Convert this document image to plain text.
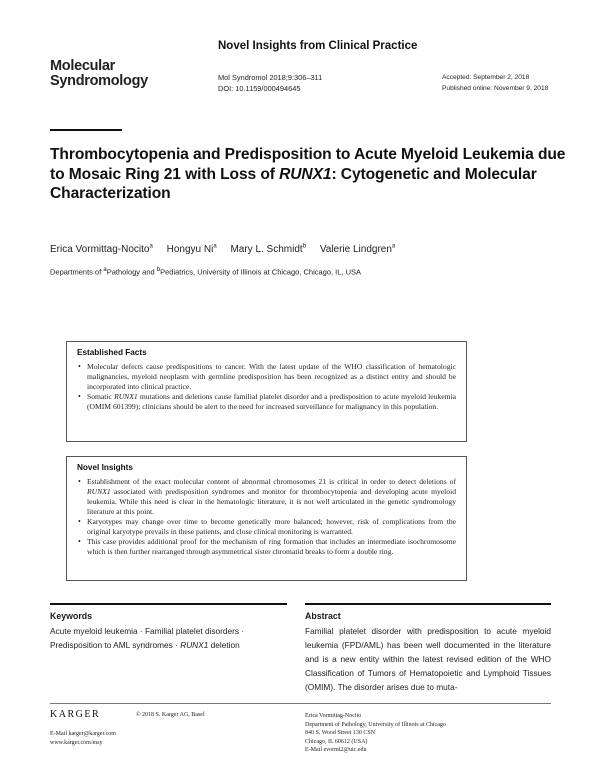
Molecular
Syndromology
Novel Insights from Clinical Practice
Mol Syndromol 2018;9:306–311
DOI: 10.1159/000494645
Accepted: September 2, 2018
Published online: November 9, 2018
Thrombocytopenia and Predisposition to Acute Myeloid Leukemia due to Mosaic Ring 21 with Loss of RUNX1: Cytogenetic and Molecular Characterization
Erica Vormittag-Nocito$^a$ Hongyu Ni$^a$ Mary L. Schmidt$^b$ Valerie Lindgren$^a$
Departments of $^a$Pathology and $^b$Pediatrics, University of Illinois at Chicago, Chicago, IL, USA
Established Facts
• Molecular defects cause predispositions to cancer. With the latest update of the WHO classification of hematologic malignancies, myeloid neoplasm with germline predisposition has been recognized as a distinct entity and should be incorporated into clinical practice.
• Somatic RUNX1 mutations and deletions cause familial platelet disorder and a predisposition to acute myeloid leukemia (OMIM 601399); clinicians should be alert to the need for increased surveillance for malignancy in this population.
Novel Insights
• Establishment of the exact molecular content of abnormal chromosomes 21 is critical in order to detect deletions of RUNX1 associated with predisposition syndromes and monitor for thrombocytopenia and developing acute myeloid leukemia. While this need is clear in the hematologic literature, it is not well articulated in the genetic syndromology literature at this point.
• Karyotypes may change over time to become genetically more balanced; however, risk of complications from the original karyotype prevails in these patients, and close clinical monitoring is warranted.
• This case provides additional proof for the mechanism of ring formation that includes an intermediate isochromosome which is then further rearranged through asymmetrical sister chromatid breaks to form a double ring.
Keywords	Abstract
Acute myeloid leukemia · Familial platelet disorders · Predisposition to AML syndromes · RUNX1 deletion
Familial platelet disorder with predisposition to acute myeloid leukemia (FPD/AML) has been well documented in the literature and is a new entity within the latest revised edition of the WHO Classification of Tumors of Hematopoietic and Lymphoid Tissues (OMIM). The disorder arises due to muta-
KARGER	© 2018 S. Karger AG, Basel
E-Mail karger@karger.com
www.karger.com/msy
Erica Vormittag-Nocito
Department of Pathology, University of Illinois at Chicago
840 S. Wood Street 130 CSN
Chicago, IL 60612 (USA)
E-Mail evormi2@uic.edu
